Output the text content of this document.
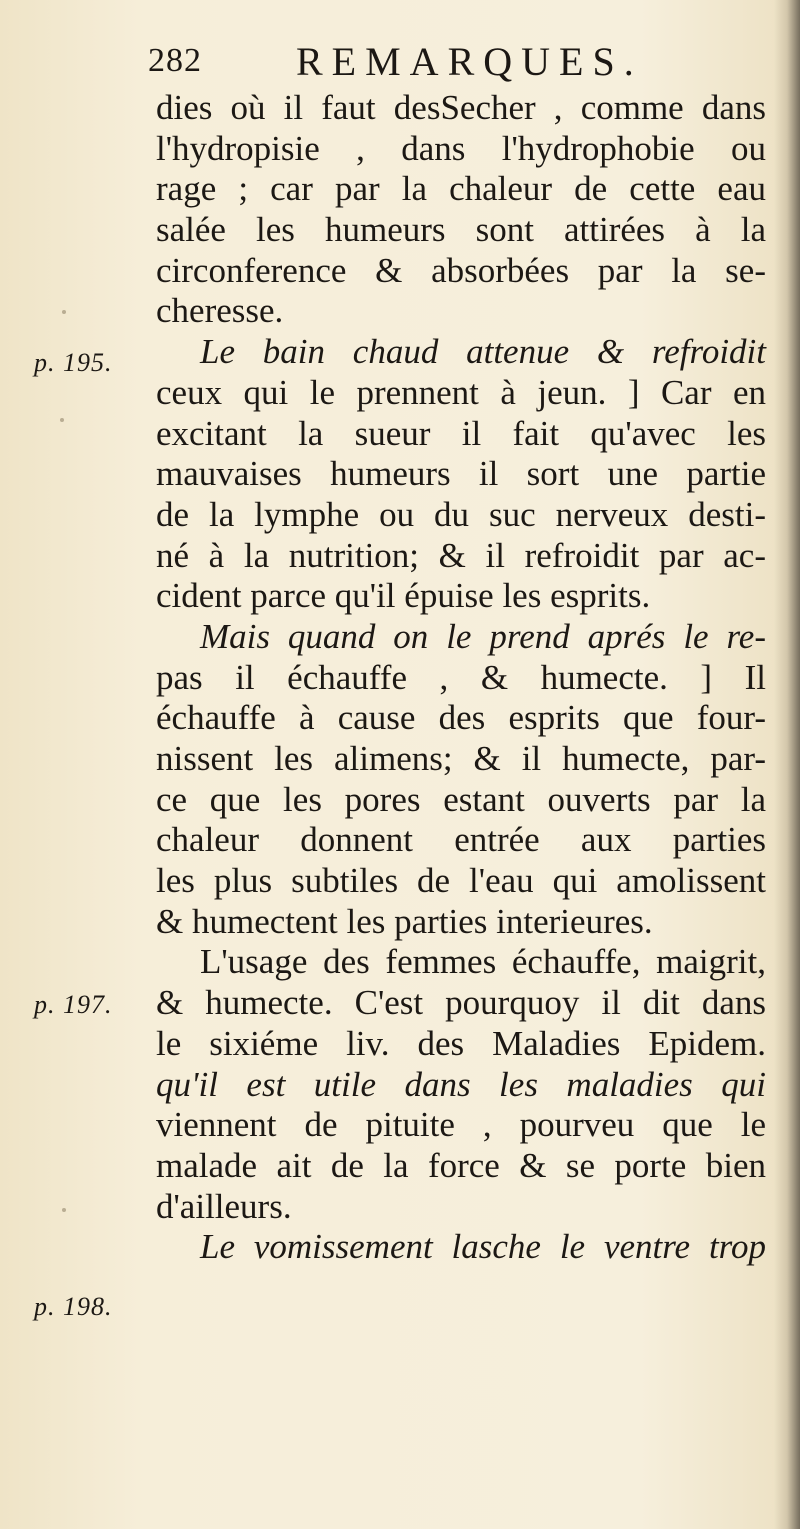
282 REMARQUES.
p. 195.
p. 197.
p. 198.
dies où il faut desSecher , comme dans
l'hydropisie , dans l'hydrophobie ou
rage ; car par la chaleur de cette eau
salée les humeurs sont attirées à la
circonference & absorbées par la se-
cheresse.
Le bain chaud attenue & refroidit
ceux qui le prennent à jeun. ] Car en
excitant la sueur il fait qu'avec les
mauvaises humeurs il sort une partie
de la lymphe ou du suc nerveux desti-
né à la nutrition; & il refroidit par ac-
cident parce qu'il épuise les esprits.
Mais quand on le prend aprés le re-
pas il échauffe , & humecte. ] Il
échauffe à cause des esprits que four-
nissent les alimens; & il humecte, par-
ce que les pores estant ouverts par la
chaleur donnent entrée aux parties
les plus subtiles de l'eau qui amolissent
& humectent les parties interieures.
L'usage des femmes échauffe, maigrit,
& humecte. C'est pourquoy il dit dans
le sixiéme liv. des Maladies Epidem.
qu'il est utile dans les maladies qui
viennent de pituite , pourveu que le
malade ait de la force & se porte bien
d'ailleurs.
Le vomissement lasche le ventre trop
